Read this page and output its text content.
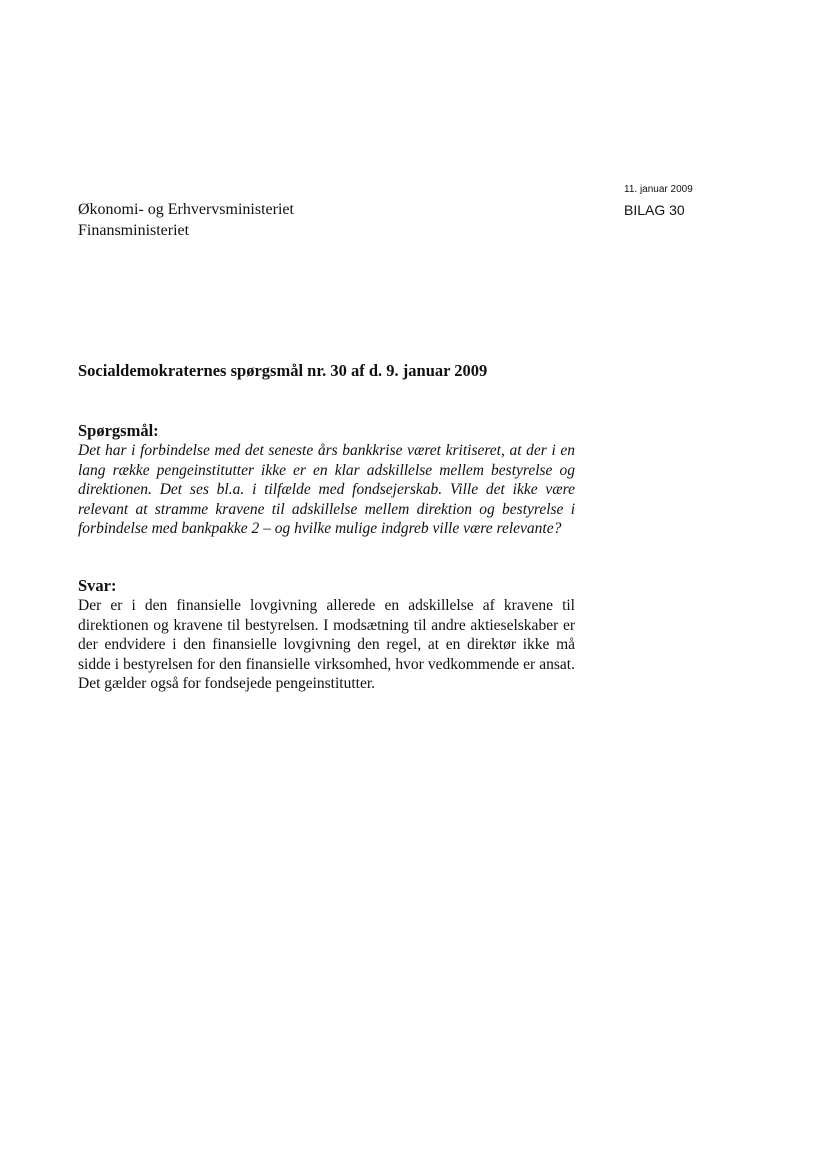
11. januar 2009
BILAG 30
Økonomi- og Erhvervsministeriet
Finansministeriet
Socialdemokraternes spørgsmål nr. 30 af d. 9. januar 2009
Spørgsmål:
Det har i forbindelse med det seneste års bankkrise været kritiseret, at der i en lang række pengeinstitutter ikke er en klar adskillelse mellem bestyrelse og direktionen. Det ses bl.a. i tilfælde med fondsejerskab. Ville det ikke være relevant at stramme kravene til adskillelse mellem direktion og bestyrelse i forbindelse med bankpakke 2 – og hvilke mulige indgreb ville være relevante?
Svar:
Der er i den finansielle lovgivning allerede en adskillelse af kravene til direktionen og kravene til bestyrelsen. I modsætning til andre aktieselskaber er der endvidere i den finansielle lovgivning den regel, at en direktør ikke må sidde i bestyrelsen for den finansielle virksomhed, hvor vedkommende er ansat. Det gælder også for fondsejede pengeinstitutter.
